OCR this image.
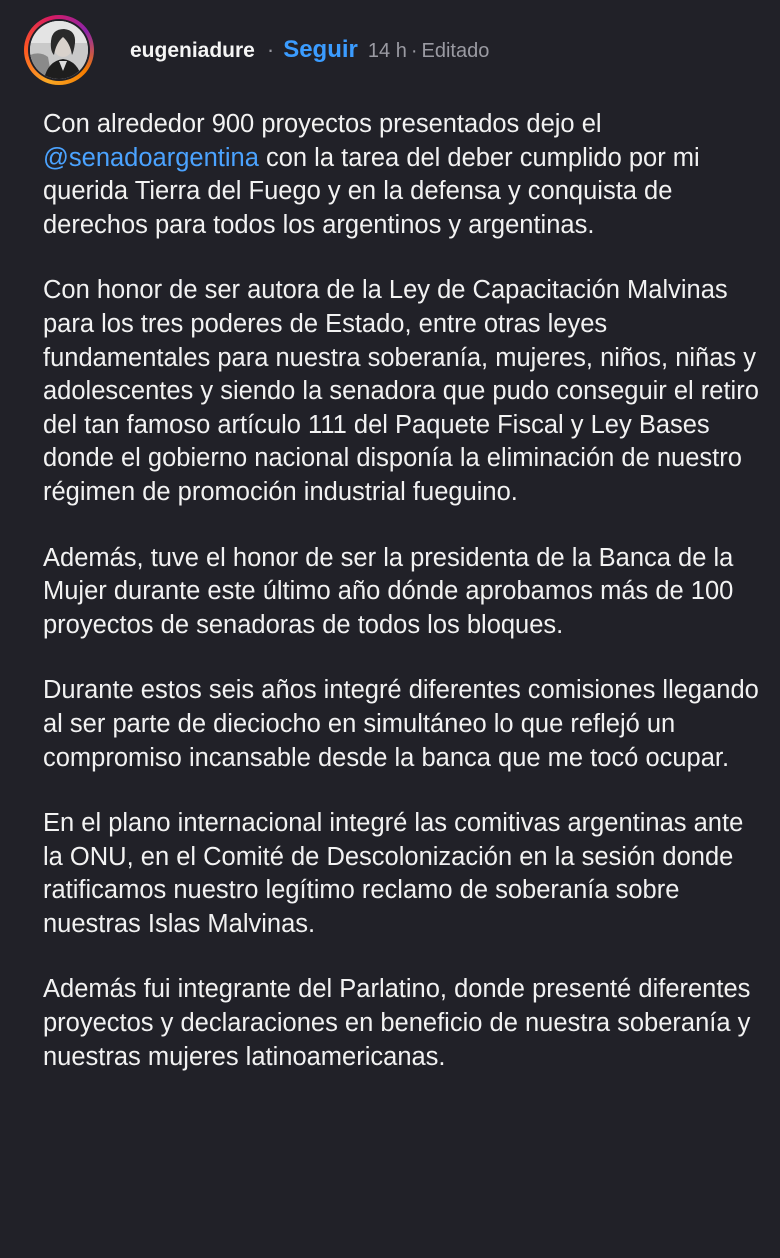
eugeniadure · Seguir 14 h · Editado

Con alrededor 900 proyectos presentados dejo el @senadoargentina con la tarea del deber cumplido por mi querida Tierra del Fuego y en la defensa y conquista de derechos para todos los argentinos y argentinas.

Con honor de ser autora de la Ley de Capacitación Malvinas para los tres poderes de Estado, entre otras leyes fundamentales para nuestra soberanía, mujeres, niños, niñas y adolescentes y siendo la senadora que pudo conseguir el retiro del tan famoso artículo 111 del Paquete Fiscal y Ley Bases donde el gobierno nacional disponía la eliminación de nuestro régimen de promoción industrial fueguino.

Además, tuve el honor de ser la presidenta de la Banca de la Mujer durante este último año dónde aprobamos más de 100 proyectos de senadoras de todos los bloques.

Durante estos seis años integré diferentes comisiones llegando al ser parte de dieciocho en simultáneo lo que reflejó un compromiso incansable desde la banca que me tocó ocupar.

En el plano internacional integré las comitivas argentinas ante la ONU, en el Comité de Descolonización en la sesión donde ratificamos nuestro legítimo reclamo de soberanía sobre nuestras Islas Malvinas.

Además fui integrante del Parlatino, donde presenté diferentes proyectos y declaraciones en beneficio de nuestra soberanía y nuestras mujeres latinoamericanas.
